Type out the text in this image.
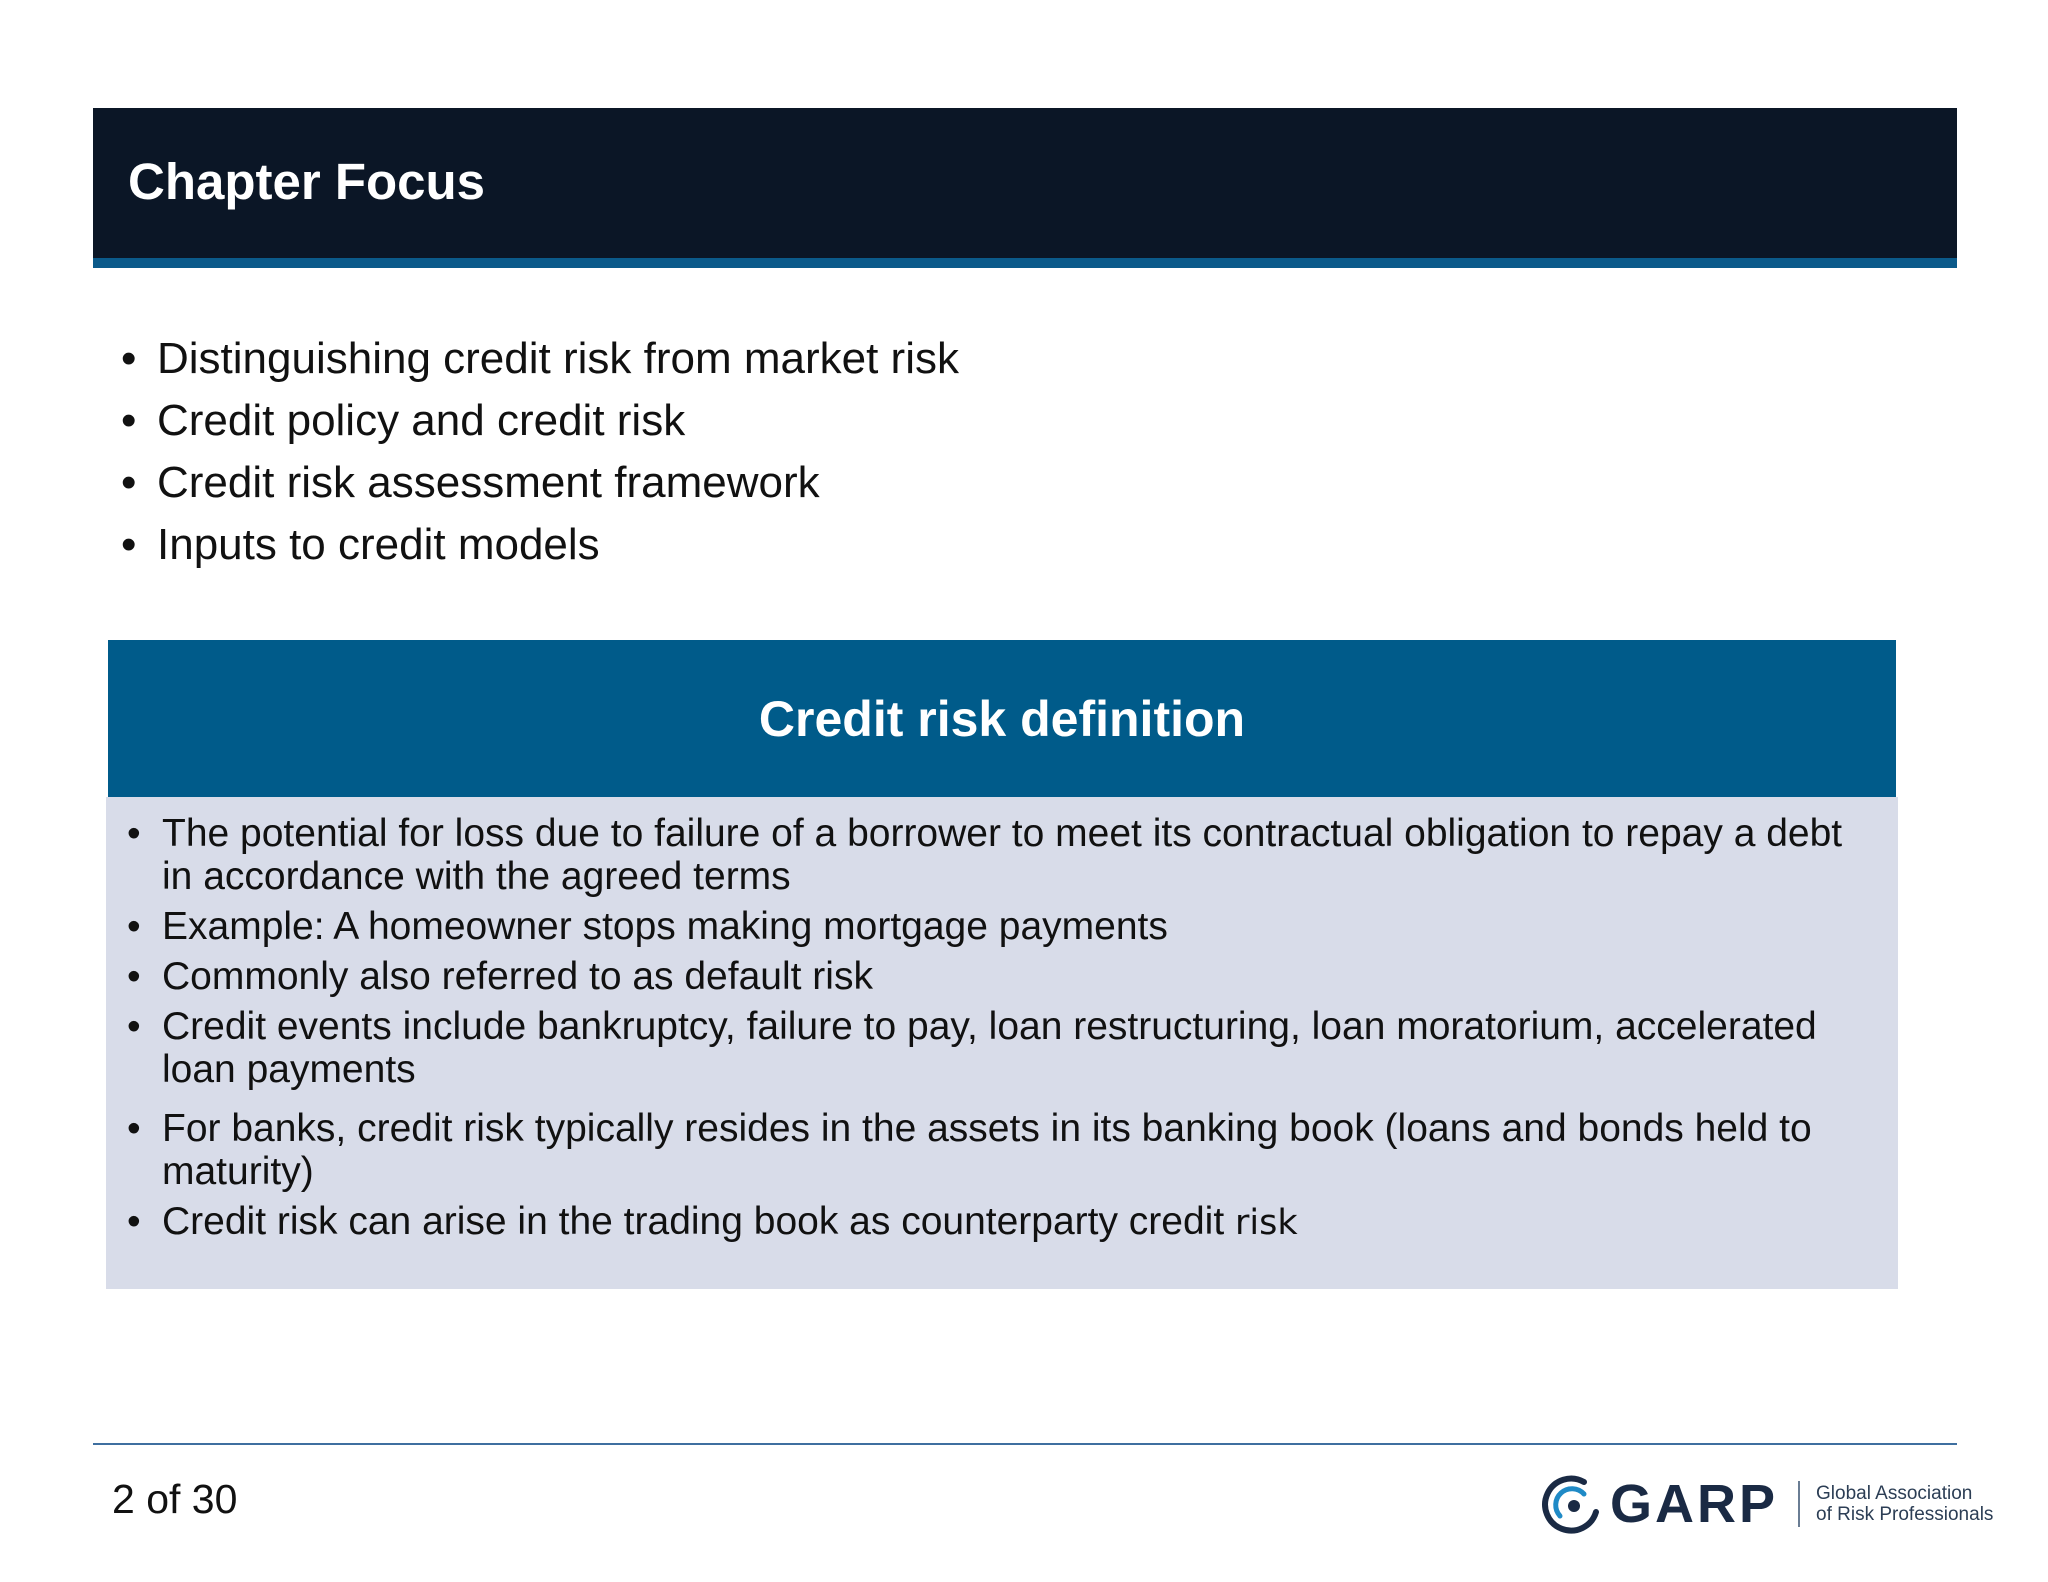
Chapter Focus
• Distinguishing credit risk from market risk
• Credit policy and credit risk
• Credit risk assessment framework
• Inputs to credit models
Credit risk definition
• The potential for loss due to failure of a borrower to meet its contractual obligation to repay a debt in accordance with the agreed terms
• Example: A homeowner stops making mortgage payments
• Commonly also referred to as default risk
• Credit events include bankruptcy, failure to pay, loan restructuring, loan moratorium, accelerated loan payments
• For banks, credit risk typically resides in the assets in its banking book (loans and bonds held to maturity)
• Credit risk can arise in the trading book as counterparty credit risk
2 of 30	GARP Global Association
of Risk Professionals
